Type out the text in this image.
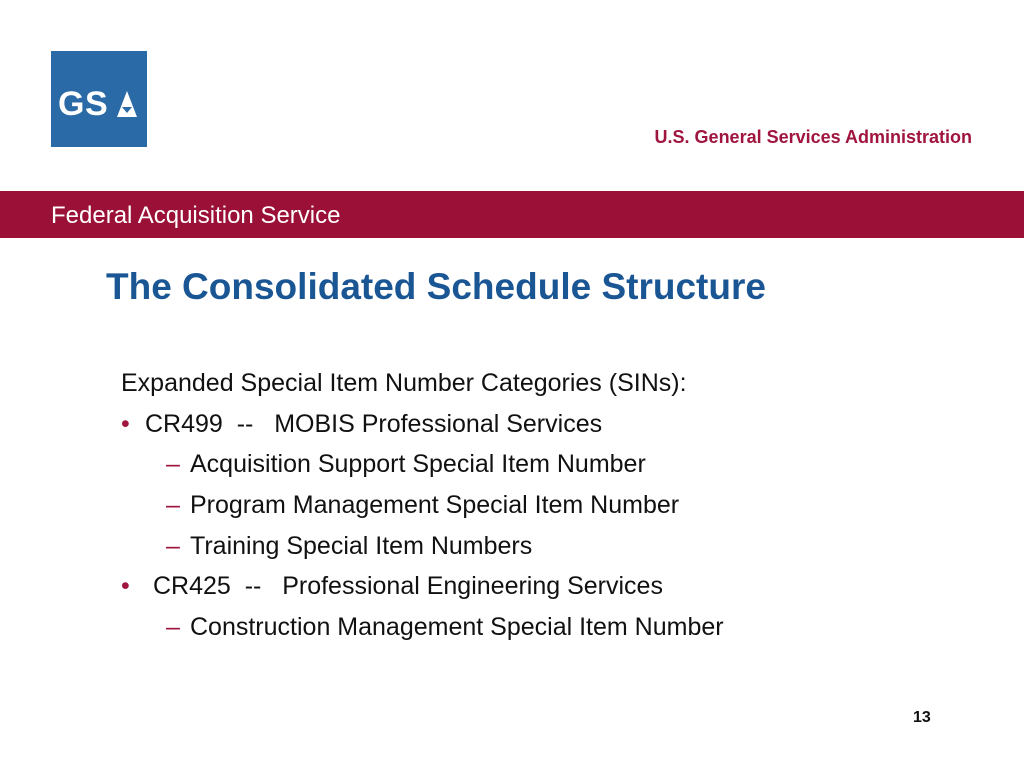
GS
U.S. General Services Administration
Federal Acquisition Service
The Consolidated Schedule Structure
Expanded Special Item Number Categories (SINs):
• CR499  --   MOBIS Professional Services
– Acquisition Support Special Item Number
– Program Management Special Item Number
– Training Special Item Numbers
• CR425  --   Professional Engineering Services
– Construction Management Special Item Number
13
